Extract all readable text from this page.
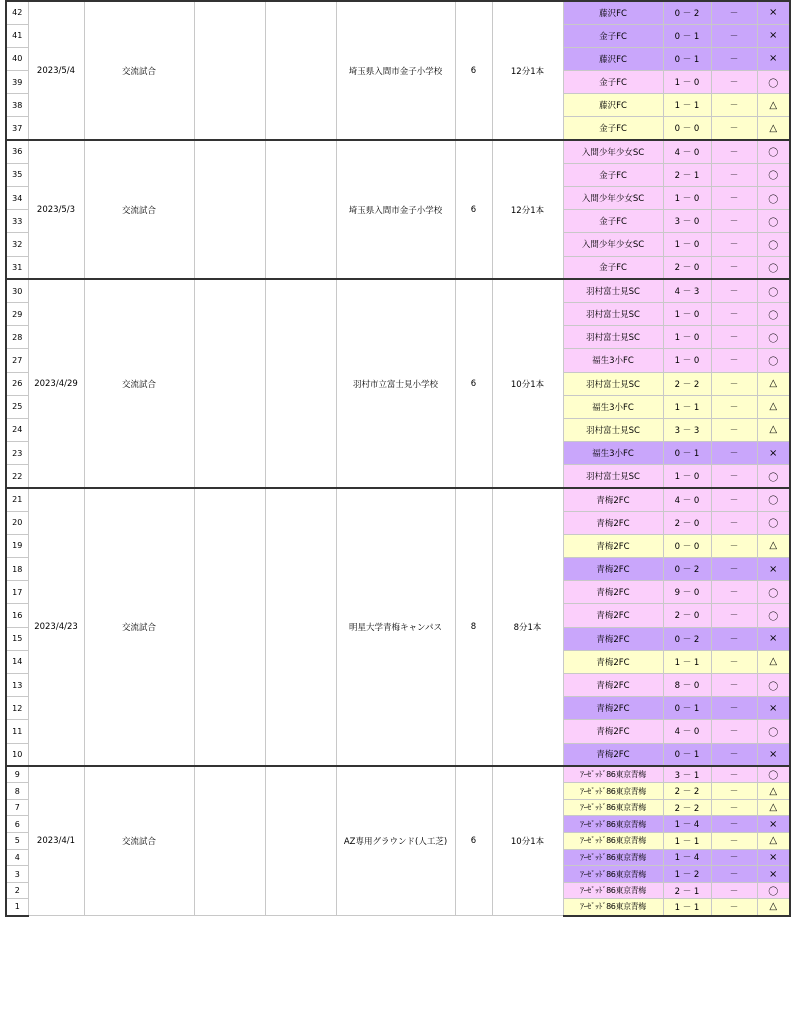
42	2023/5/4	交流試合			埼玉県入間市金子小学校	6	12分1本	藤沢FC	0 － 2	－	×
41								金子FC	0 － 1	－	×
40								藤沢FC	0 － 1	－	×
39								金子FC	1 － 0	－	〇
38								藤沢FC	1 － 1	－	△
37								金子FC	0 － 0	－	△
36	2023/5/3	交流試合			埼玉県入間市金子小学校	6	12分1本	入間少年少女SC	4 － 0	－	〇
35								金子FC	2 － 1	－	〇
34								入間少年少女SC	1 － 0	－	〇
33								金子FC	3 － 0	－	〇
32								入間少年少女SC	1 － 0	－	〇
31								金子FC	2 － 0	－	〇
30	2023/4/29	交流試合			羽村市立富士見小学校	6	10分1本	羽村富士見SC	4 － 3	－	〇
29								羽村富士見SC	1 － 0	－	〇
28								羽村富士見SC	1 － 0	－	〇
27								福生3小FC	1 － 0	－	〇
26								羽村富士見SC	2 － 2	－	△
25								福生3小FC	1 － 1	－	△
24								羽村富士見SC	3 － 3	－	△
23								福生3小FC	0 － 1	－	×
22								羽村富士見SC	1 － 0	－	〇
21	2023/4/23	交流試合			明星大学青梅キャンパス	8	8分1本	青梅2FC	4 － 0	－	〇
20								青梅2FC	2 － 0	－	〇
19								青梅2FC	0 － 0	－	△
18								青梅2FC	0 － 2	－	×
17								青梅2FC	9 － 0	－	〇
16								青梅2FC	2 － 0	－	〇
15								青梅2FC	0 － 2	－	×
14								青梅2FC	1 － 1	－	△
13								青梅2FC	8 － 0	－	〇
12								青梅2FC	0 － 1	－	×
11								青梅2FC	4 － 0	－	〇
10								青梅2FC	0 － 1	－	×
9	2023/4/1	交流試合			AZ専用グラウンド(人工芝)	6	10分1本	ｱｰｾﾞｯﾄﾞ86東京青梅	3 － 1	－	〇
8								ｱｰｾﾞｯﾄﾞ86東京青梅	2 － 2	－	△
7								ｱｰｾﾞｯﾄﾞ86東京青梅	2 － 2	－	△
6								ｱｰｾﾞｯﾄﾞ86東京青梅	1 － 4	－	×
5								ｱｰｾﾞｯﾄﾞ86東京青梅	1 － 1	－	△
4								ｱｰｾﾞｯﾄﾞ86東京青梅	1 － 4	－	×
3								ｱｰｾﾞｯﾄﾞ86東京青梅	1 － 2	－	×
2								ｱｰｾﾞｯﾄﾞ86東京青梅	2 － 1	－	〇
1								ｱｰｾﾞｯﾄﾞ86東京青梅	1 － 1	－	△
